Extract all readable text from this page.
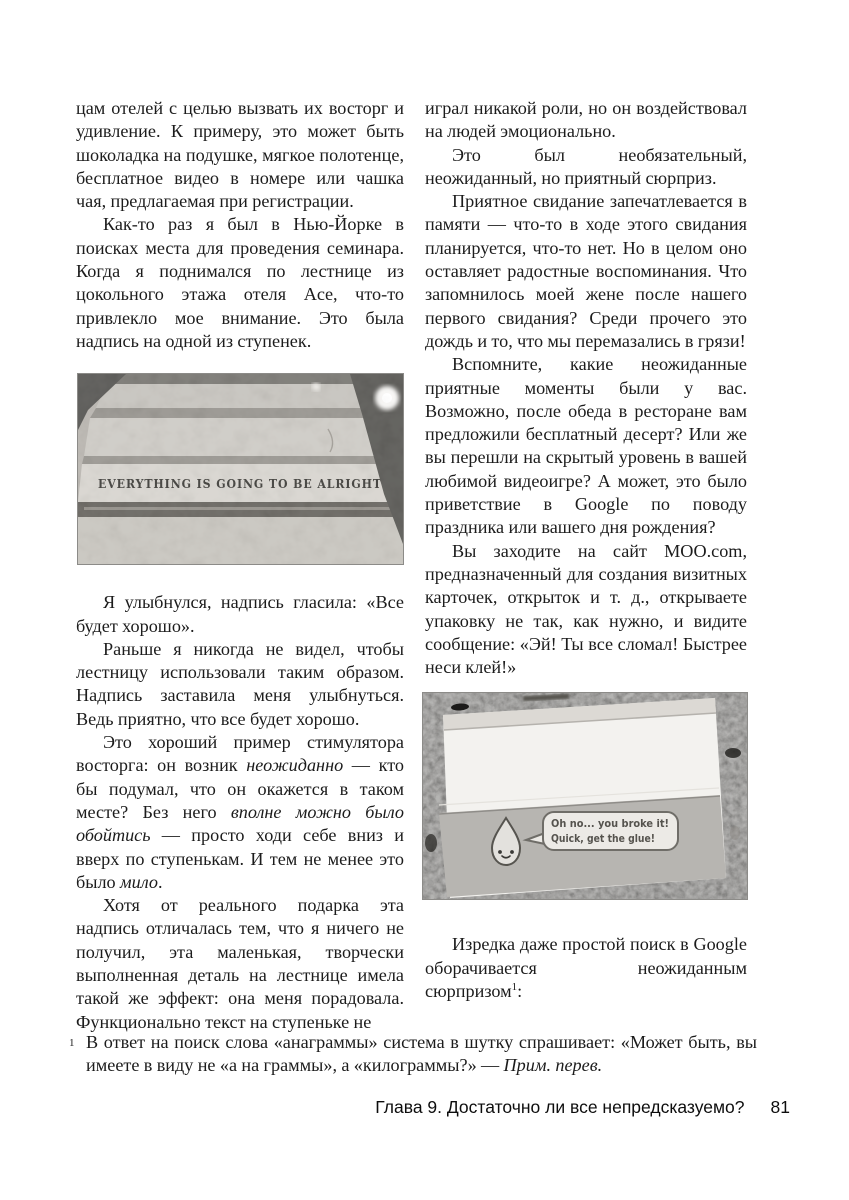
цам отелей с целью вызвать их восторг и удивление. К примеру, это может быть шоколадка на подушке, мягкое полотенце, бесплатное видео в номере или чашка чая, предлагаемая при регистрации.

Как-то раз я был в Нью-Йорке в поисках места для проведения семинара. Когда я поднимался по лестнице из цокольного этажа отеля Ace, что-то привлекло мое внимание. Это была надпись на одной из ступенек.

EVERYTHING IS GOING TO BE ALRIGHT

Я улыбнулся, надпись гласила: «Все будет хорошо».

Раньше я никогда не видел, чтобы лестницу использовали таким образом. Надпись заставила меня улыбнуться. Ведь приятно, что все будет хорошо.

Это хороший пример стимулятора восторга: он возник неожиданно — кто бы подумал, что он окажется в таком месте? Без него вполне можно было обойтись — просто ходи себе вниз и вверх по ступенькам. И тем не менее это было мило.

Хотя от реального подарка эта надпись отличалась тем, что я ничего не получил, эта маленькая, творчески выполненная деталь на лестнице имела такой же эффект: она меня порадовала. Функционально текст на ступеньке не

играл никакой роли, но он воздействовал на людей эмоционально.

Это был необязательный, неожиданный, но приятный сюрприз.

Приятное свидание запечатлевается в памяти — что-то в ходе этого свидания планируется, что-то нет. Но в целом оно оставляет радостные воспоминания. Что запомнилось моей жене после нашего первого свидания? Среди прочего это дождь и то, что мы перемазались в грязи!

Вспомните, какие неожиданные приятные моменты были у вас. Возможно, после обеда в ресторане вам предложили бесплатный десерт? Или же вы перешли на скрытый уровень в вашей любимой видеоигре? А может, это было приветствие в Google по поводу праздника или вашего дня рождения?

Вы заходите на сайт MOO.com, предназначенный для создания визитных карточек, открыток и т. д., открываете упаковку не так, как нужно, и видите сообщение: «Эй! Ты все сломал! Быстрее неси клей!»

Oh no... you broke it!
Quick, get the glue!

Изредка даже простой поиск в Google оборачивается неожиданным сюрпризом$^1$:

1 В ответ на поиск слова «анаграммы» система в шутку спрашивает: «Может быть, вы имеете в виду не «а на граммы», а «килограммы?» — Прим. перев.

Глава 9. Достаточно ли все непредсказуемо? 81
